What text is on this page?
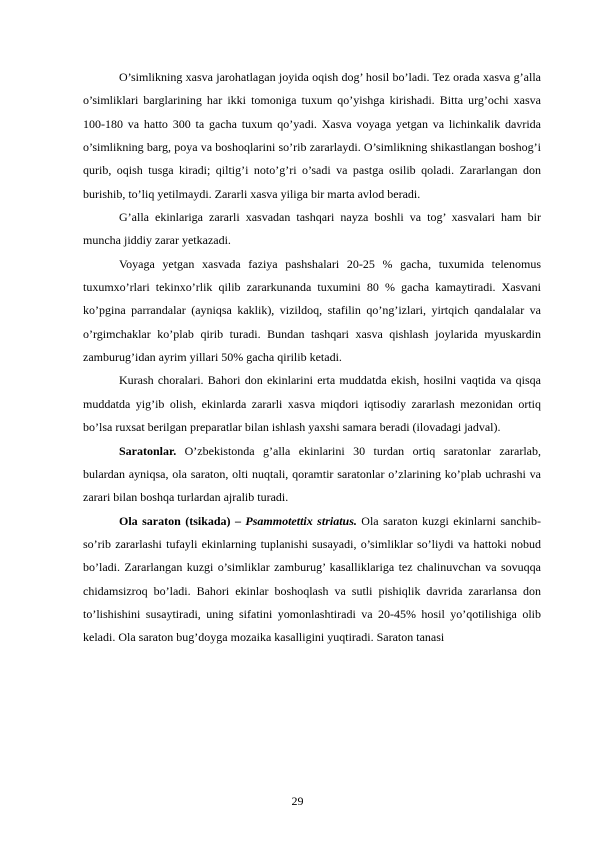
O’simlikning xasva jarohatlagan joyida oqish dog’ hosil bo’ladi. Tez orada xasva g’alla o’simliklari barglarining har ikki tomoniga tuxum qo’yishga kirishadi. Bitta urg’ochi xasva 100-180 va hatto 300 ta gacha tuxum qo’yadi. Xasva voyaga yetgan va lichinkalik davrida o’simlikning barg, poya va boshoqlarini so’rib zararlaydi. O’simlikning shikastlangan boshog’i qurib, oqish tusga kiradi; qiltig’i noto’g’ri o’sadi va pastga osilib qoladi. Zararlangan don burishib, to’liq yetilmaydi. Zararli xasva yiliga bir marta avlod beradi.

G’alla ekinlariga zararli xasvadan tashqari nayza boshli va tog’ xasvalari ham bir muncha jiddiy zarar yetkazadi.

Voyaga yetgan xasvada faziya pashshalari 20-25 % gacha, tuxumida telenomus tuxumxo’rlari tekinxo’rlik qilib zararkunanda tuxumini 80 % gacha kamaytiradi. Xasvani ko’pgina parrandalar (ayniqsa kaklik), vizildoq, stafilin qo’ng’izlari, yirtqich qandalalar va o’rgimchaklar ko’plab qirib turadi. Bundan tashqari xasva qishlash joylarida myuskardin zamburug’idan ayrim yillari 50% gacha qirilib ketadi.

Kurash choralari. Bahori don ekinlarini erta muddatda ekish, hosilni vaqtida va qisqa muddatda yig’ib olish, ekinlarda zararli xasva miqdori iqtisodiy zararlash mezonidan ortiq bo’lsa ruxsat berilgan preparatlar bilan ishlash yaxshi samara beradi (ilovadagi jadval).

Saratonlar. O’zbekistonda g’alla ekinlarini 30 turdan ortiq saratonlar zararlab, bulardan ayniqsa, ola saraton, olti nuqtali, qoramtir saratonlar o’zlarining ko’plab uchrashi va zarari bilan boshqa turlardan ajralib turadi.

Ola saraton (tsikada) – Psammotettix striatus. Ola saraton kuzgi ekinlarni sanchib-so’rib zararlashi tufayli ekinlarning tuplanishi susayadi, o’simliklar so’liydi va hattoki nobud bo’ladi. Zararlangan kuzgi o’simliklar zamburug’ kasalliklariga tez chalinuvchan va sovuqqa chidamsizroq bo’ladi. Bahori ekinlar boshoqlash va sutli pishiqlik davrida zararlansa don to’lishishini susaytiradi, uning sifatini yomonlashtiradi va 20-45% hosil yo’qotilishiga olib keladi. Ola saraton bug’doyga mozaika kasalligini yuqtiradi. Saraton tanasi

29
